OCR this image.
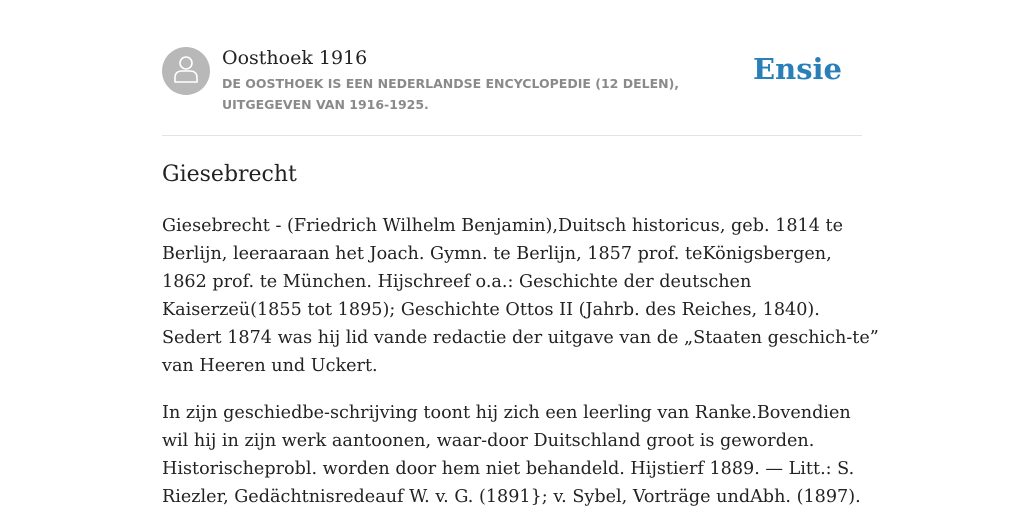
Oosthoek 1916
DE OOSTHOEK IS EEN NEDERLANDSE ENCYCLOPEDIE (12 DELEN), UITGEGEVEN VAN 1916-1925.
Ensie
Giesebrecht

Giesebrecht - (Friedrich Wilhelm Benjamin),Duitsch historicus, geb. 1814 te Berlijn, leeraaraan het Joach. Gymn. te Berlijn, 1857 prof. teKönigsbergen, 1862 prof. te München. Hijschreef o.a.: Geschichte der deutschen Kaiserzeü(1855 tot 1895); Geschichte Ottos II (Jahrb. des Reiches, 1840). Sedert 1874 was hij lid vande redactie der uitgave van de „Staaten geschich-te” van Heeren und Uckert.

In zijn geschiedbe-schrijving toont hij zich een leerling van Ranke.Bovendien wil hij in zijn werk aantoonen, waar-door Duitschland groot is geworden. Historischeprobl. worden door hem niet behandeld. Hijstierf 1889. — Litt.: S. Riezler, Gedächtnisredeauf W. v. G. (1891}; v. Sybel, Vorträge undAbh. (1897).
